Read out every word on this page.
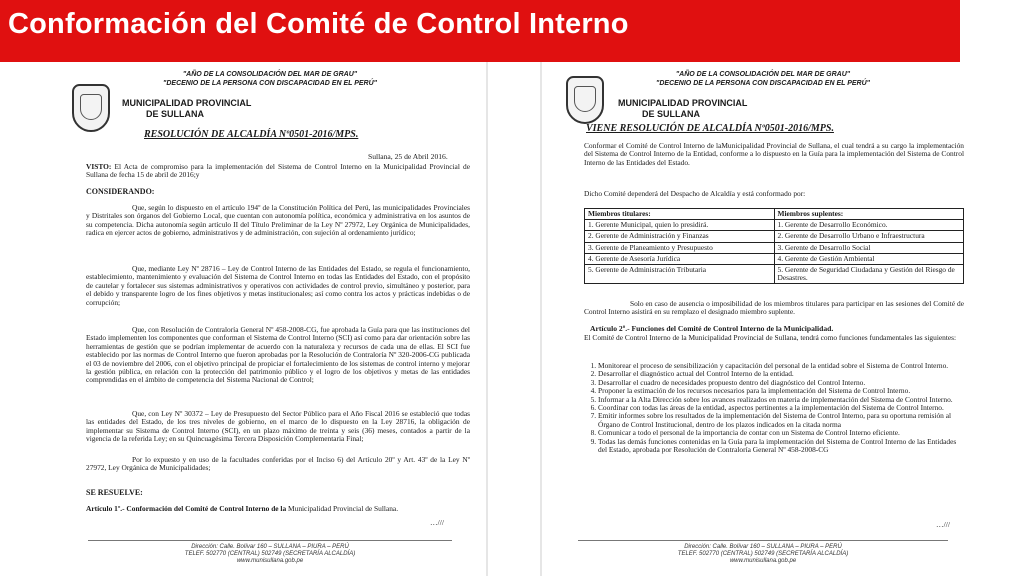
Conformación del Comité de Control Interno
"AÑO DE LA CONSOLIDACIÓN DEL MAR DE GRAU"
"DECENIO DE LA PERSONA CON DISCAPACIDAD EN EL PERÚ"
MUNICIPALIDAD PROVINCIAL
DE SULLANA
RESOLUCIÓN DE ALCALDÍA Nº0501-2016/MPS.
Sullana, 25 de Abril 2016.
VISTO: El Acta de compromiso para la implementación del Sistema de Control Interno en la Municipalidad Provincial de Sullana de fecha 15 de abril de 2016;y
CONSIDERANDO:
Que, según lo dispuesto en el artículo 194º de la Constitución Política del Perú, las municipalidades Provinciales y Distritales son órganos del Gobierno Local, que cuentan con autonomía política, económica y administrativa en los asuntos de su competencia. Dicha autonomía según artículo II del Título Preliminar de la Ley Nº 27972, Ley Orgánica de Municipalidades, radica en ejercer actos de gobierno, administrativos y de administración, con sujeción al ordenamiento jurídico;
Que, mediante Ley Nº 28716 – Ley de Control Interno de las Entidades del Estado, se regula el funcionamiento, establecimiento, mantenimiento y evaluación del Sistema de Control Interno en todas las Entidades del Estado, con el propósito de cautelar y fortalecer sus sistemas administrativos y operativos con actividades de control previo, simultáneo y posterior, para el debido y transparente logro de los fines objetivos y metas institucionales; así como contra los actos y prácticas indebidas o de corrupción;
Que, con Resolución de Contraloría General Nº 458-2008-CG, fue aprobada la Guía para que las instituciones del Estado implementen los componentes que conforman el Sistema de Control Interno (SCI) así como para dar orientación sobre las herramientas de gestión que se podrían implementar de acuerdo con la naturaleza y recursos de cada una de ellas. El SCI fue establecido por las normas de Control Interno que fueron aprobadas por la Resolución de Contraloría Nº 320-2006-CG publicada el 03 de noviembre del 2006, con el objetivo principal de propiciar el fortalecimiento de los sistemas de control interno y mejorar la gestión pública, en relación con la protección del patrimonio público y el logro de los objetivos y metas de las entidades comprendidas en el ámbito de competencia del Sistema Nacional de Control;
Que, con Ley Nº 30372 – Ley de Presupuesto del Sector Público para el Año Fiscal 2016 se estableció que todas las entidades del Estado, de los tres niveles de gobierno, en el marco de lo dispuesto en la Ley 28716, la obligación de implementar su Sistema de Control Interno (SCI), en un plazo máximo de treinta y seis (36) meses, contados a partir de la vigencia de la referida Ley; en su Quincuagésima Tercera Disposición Complementaria Final;
Por lo expuesto y en uso de la facultades conferidas por el Inciso 6) del Artículo 20º y Art. 43º de la Ley Nº 27972, Ley Orgánica de Municipalidades;
SE RESUELVE:
Artículo 1º.- Conformación del Comité de Control Interno de la Municipalidad Provincial de Sullana.
…///
Dirección: Calle. Bolívar 160 – SULLANA – PIURA – PERÚ
TELEF. 502770 (CENTRAL) 502749 (SECRETARÍA ALCALDÍA)
www.munisullana.gob.pe
"AÑO DE LA CONSOLIDACIÓN DEL MAR DE GRAU"
"DECENIO DE LA PERSONA CON DISCAPACIDAD EN EL PERÚ"
MUNICIPALIDAD PROVINCIAL
DE SULLANA
VIENE RESOLUCIÓN DE ALCALDÍA Nº0501-2016/MPS.
Conformar el Comité de Control Interno de laMunicipalidad Provincial de Sullana, el cual tendrá a su cargo la implementación del Sistema de Control Interno de la Entidad, conforme a lo dispuesto en la Guía para la implementación del Sistema de Control Interno de las Entidades del Estado.
Dicho Comité dependerá del Despacho de Alcaldía y está conformado por:
Miembros titulares:	Miembros suplentes:
1. Gerente Municipal, quien lo presidirá.	1. Gerente de Desarrollo Económico.
2. Gerente de Administración y Finanzas	2. Gerente de Desarrollo Urbano e Infraestructura
3. Gerente de Planeamiento y Presupuesto	3. Gerente de Desarrollo Social
4. Gerente de Asesoría Jurídica	4. Gerente de Gestión Ambiental
5. Gerente de Administración Tributaria	5. Gerente de Seguridad Ciudadana y Gestión del Riesgo de Desastres.
Solo en caso de ausencia o imposibilidad de los miembros titulares para participar en las sesiones del Comité de Control Interno asistirá en su remplazo el designado miembro suplente.
Artículo 2º.- Funciones del Comité de Control Interno de la Municipalidad.
El Comité de Control Interno de la Municipalidad Provincial de Sullana, tendrá como funciones fundamentales las siguientes:
1. Monitorear el proceso de sensibilización y capacitación del personal de la entidad sobre el Sistema de Control Interno.
2. Desarrollar el diagnóstico actual del Control Interno de la entidad.
3. Desarrollar el cuadro de necesidades propuesto dentro del diagnóstico del Control Interno.
4. Proponer la estimación de los recursos necesarios para la implementación del Sistema de Control Interno.
5. Informar a la Alta Dirección sobre los avances realizados en materia de implementación del Sistema de Control Interno.
6. Coordinar con todas las áreas de la entidad, aspectos pertinentes a la implementación del Sistema de Control Interno.
7. Emitir informes sobre los resultados de la implementación del Sistema de Control Interno, para su oportuna remisión al Órgano de Control Institucional, dentro de los plazos indicados en la citada norma
8. Comunicar a todo el personal de la importancia de contar con un Sistema de Control Interno eficiente.
9. Todas las demás funciones contenidas en la Guía para la implementación del Sistema de Control Interno de las Entidades del Estado, aprobada por Resolución de Contraloría General Nº 458-2008-CG
…///
Dirección: Calle. Bolívar 160 – SULLANA – PIURA – PERÚ
TELEF. 502770 (CENTRAL) 502749 (SECRETARÍA ALCALDÍA)
www.munisullana.gob.pe
